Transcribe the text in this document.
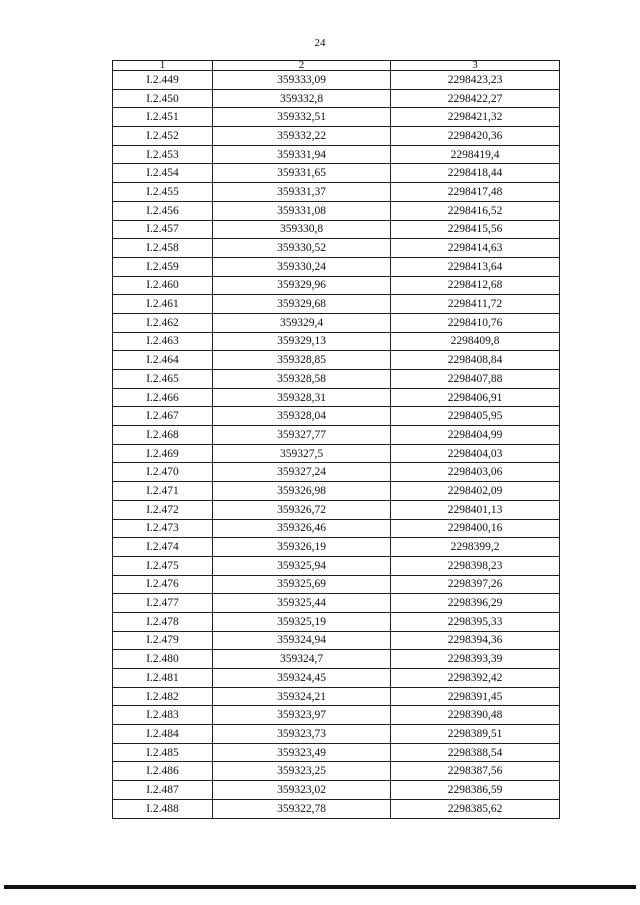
24
1	2	3
I.2.449	359333,09	2298423,23
I.2.450	359332,8	2298422,27
I.2.451	359332,51	2298421,32
I.2.452	359332,22	2298420,36
I.2.453	359331,94	2298419,4
I.2.454	359331,65	2298418,44
I.2.455	359331,37	2298417,48
I.2.456	359331,08	2298416,52
I.2.457	359330,8	2298415,56
I.2.458	359330,52	2298414,63
I.2.459	359330,24	2298413,64
I.2.460	359329,96	2298412,68
I.2.461	359329,68	2298411,72
I.2.462	359329,4	2298410,76
I.2.463	359329,13	2298409,8
I.2.464	359328,85	2298408,84
I.2.465	359328,58	2298407,88
I.2.466	359328,31	2298406,91
I.2.467	359328,04	2298405,95
I.2.468	359327,77	2298404,99
I.2.469	359327,5	2298404,03
I.2.470	359327,24	2298403,06
I.2.471	359326,98	2298402,09
I.2.472	359326,72	2298401,13
I.2.473	359326,46	2298400,16
I.2.474	359326,19	2298399,2
I.2.475	359325,94	2298398,23
I.2.476	359325,69	2298397,26
I.2.477	359325,44	2298396,29
I.2.478	359325,19	2298395,33
I.2.479	359324,94	2298394,36
I.2.480	359324,7	2298393,39
I.2.481	359324,45	2298392,42
I.2.482	359324,21	2298391,45
I.2.483	359323,97	2298390,48
I.2.484	359323,73	2298389,51
I.2.485	359323,49	2298388,54
I.2.486	359323,25	2298387,56
I.2.487	359323,02	2298386,59
I.2.488	359322,78	2298385,62
